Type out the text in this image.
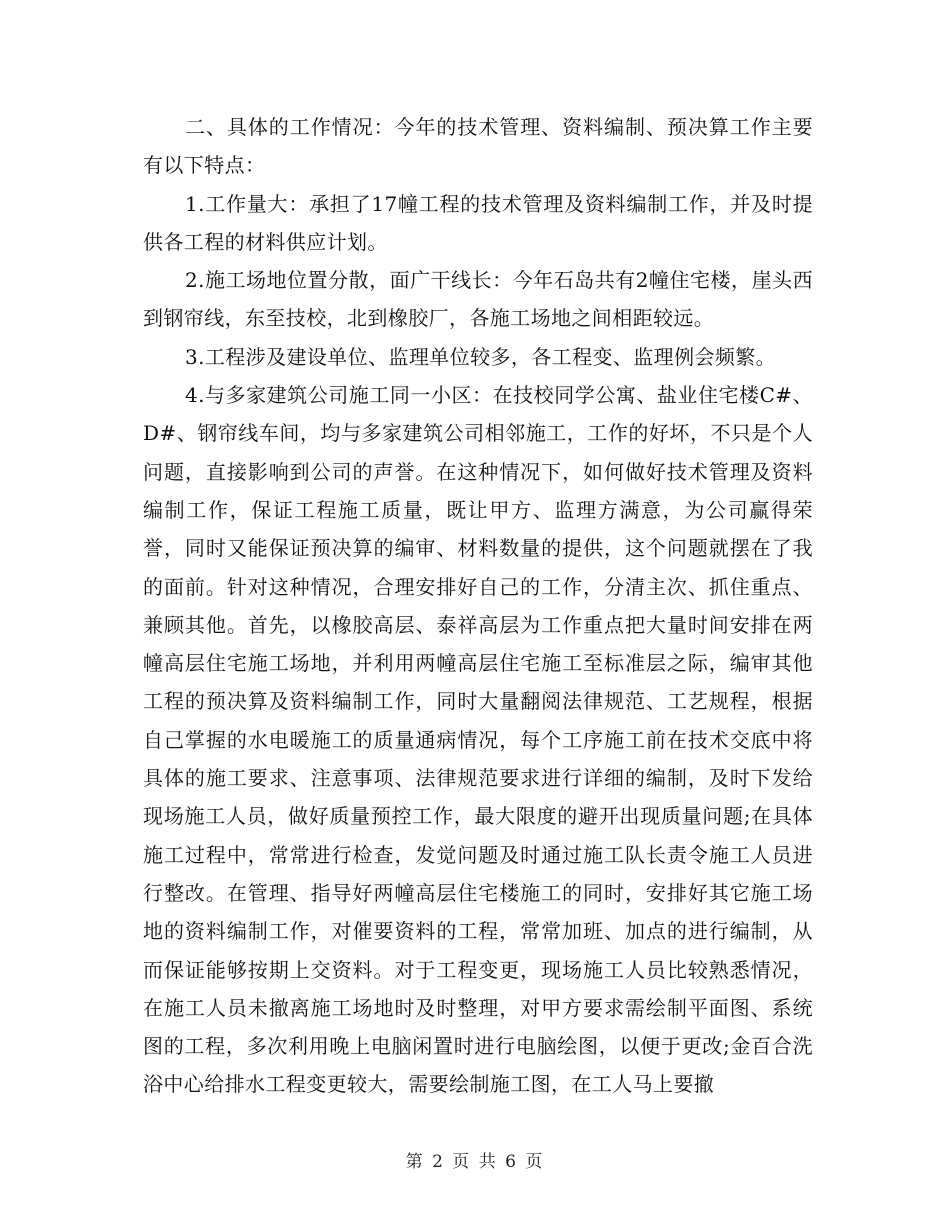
二、具体的工作情况：今年的技术管理、资料编制、预决算工作主要有以下特点：

1.工作量大：承担了17幢工程的技术管理及资料编制工作，并及时提供各工程的材料供应计划。

2.施工场地位置分散，面广干线长：今年石岛共有2幢住宅楼，崖头西到钢帘线，东至技校，北到橡胶厂，各施工场地之间相距较远。

3.工程涉及建设单位、监理单位较多，各工程变、监理例会频繁。

4.与多家建筑公司施工同一小区：在技校同学公寓、盐业住宅楼C#、D#、钢帘线车间，均与多家建筑公司相邻施工，工作的好坏，不只是个人问题，直接影响到公司的声誉。在这种情况下，如何做好技术管理及资料编制工作，保证工程施工质量，既让甲方、监理方满意，为公司赢得荣誉，同时又能保证预决算的编审、材料数量的提供，这个问题就摆在了我的面前。针对这种情况，合理安排好自己的工作，分清主次、抓住重点、兼顾其他。首先，以橡胶高层、泰祥高层为工作重点把大量时间安排在两幢高层住宅施工场地，并利用两幢高层住宅施工至标准层之际，编审其他工程的预决算及资料编制工作，同时大量翻阅法律规范、工艺规程，根据自己掌握的水电暖施工的质量通病情况，每个工序施工前在技术交底中将具体的施工要求、注意事项、法律规范要求进行详细的编制，及时下发给现场施工人员，做好质量预控工作，最大限度的避开出现质量问题;在具体施工过程中，常常进行检查，发觉问题及时通过施工队长责令施工人员进行整改。在管理、指导好两幢高层住宅楼施工的同时，安排好其它施工场地的资料编制工作，对催要资料的工程，常常加班、加点的进行编制，从而保证能够按期上交资料。对于工程变更，现场施工人员比较熟悉情况，在施工人员未撤离施工场地时及时整理，对甲方要求需绘制平面图、系统图的工程，多次利用晚上电脑闲置时进行电脑绘图，以便于更改;金百合洗浴中心给排水工程变更较大，需要绘制施工图，在工人马上要撤

第 2 页 共 6 页
